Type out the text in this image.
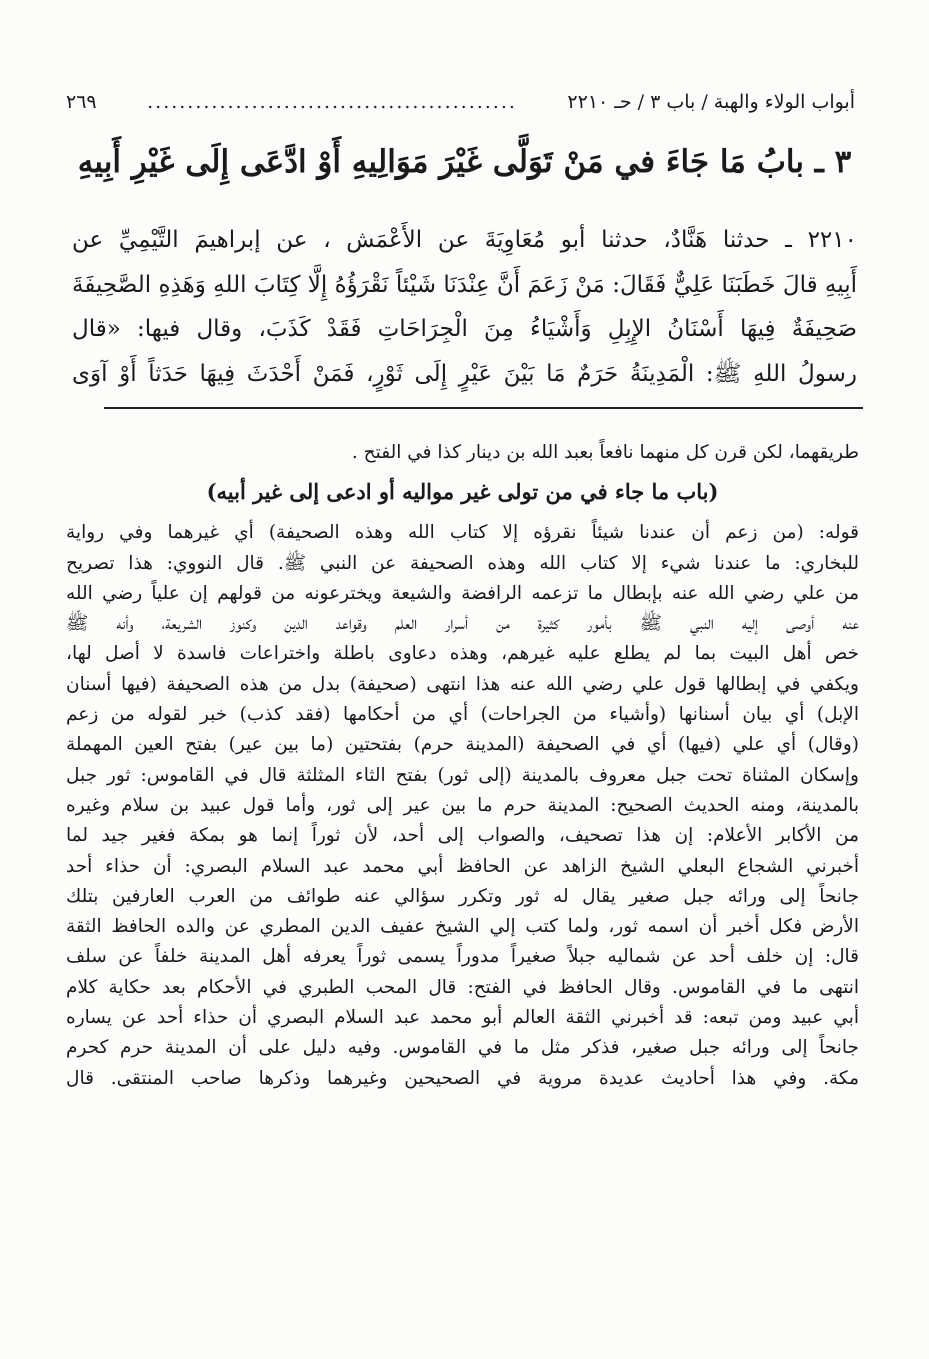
أبواب الولاء والهبة / باب ٣ / حـ ٢٢١٠
..............................................
٢٦٩
٣ ـ بابُ مَا جَاءَ في مَنْ تَوَلَّى غَيْرَ مَوَالِيهِ أَوْ ادَّعَى إِلَى غَيْرِ أَبِيهِ
٢٢١٠ ـ حدثنا هَنَّادٌ، حدثنا أبو مُعَاوِيَةَ عن الأَعْمَش ، عن إبراهيمَ التَّيْمِيِّ عن
أَبِيهِ قالَ خَطَبَنَا عَلِيٌّ فَقَالَ: مَنْ زَعَمَ أَنَّ عِنْدَنَا شَيْئاً نَقْرَؤُهُ إِلَّا كِتَابَ اللهِ وَهَذِهِ الصَّحِيفَةَ
صَحِيفَةٌ فِيهَا أَسْنَانُ الإِبِلِ وَأَشْيَاءُ مِنَ الْجِرَاحَاتِ فَقَدْ كَذَبَ، وقال فيها: «قال
رسولُ اللهِ ﷺ: الْمَدِينَةُ حَرَمٌ مَا بَيْنَ عَيْرٍ إِلَى ثَوْرٍ، فَمَنْ أَحْدَثَ فِيهَا حَدَثاً أَوْ آوَى
طريقهما، لكن قرن كل منهما نافعاً بعبد الله بن دينار كذا في الفتح .
(باب ما جاء في من تولى غير مواليه أو ادعى إلى غير أبيه)
قوله: (من زعم أن عندنا شيئاً نقرؤه إلا كتاب الله وهذه الصحيفة) أي غيرهما وفي رواية
للبخاري: ما عندنا شيء إلا كتاب الله وهذه الصحيفة عن النبي ﷺ. قال النووي: هذا تصريح
من علي رضي الله عنه بإبطال ما تزعمه الرافضة والشيعة ويخترعونه من قولهم إن علياً رضي الله
عنه أوصى إليه النبي ﷺ بأمور كثيرة من أسرار العلم وقواعد الدين وكنوز الشريعة، وأنه ﷺ
خص أهل البيت بما لم يطلع عليه غيرهم، وهذه دعاوى باطلة واختراعات فاسدة لا أصل لها،
ويكفي في إبطالها قول علي رضي الله عنه هذا انتهى (صحيفة) بدل من هذه الصحيفة (فيها أسنان
الإبل) أي بيان أسنانها (وأشياء من الجراحات) أي من أحكامها (فقد كذب) خبر لقوله من زعم
(وقال) أي علي (فيها) أي في الصحيفة (المدينة حرم) بفتحتين (ما بين عير) بفتح العين المهملة
وإسكان المثناة تحت جبل معروف بالمدينة (إلى ثور) بفتح الثاء المثلثة قال في القاموس: ثور جبل
بالمدينة، ومنه الحديث الصحيح: المدينة حرم ما بين عير إلى ثور، وأما قول عبيد بن سلام وغيره
من الأكابر الأعلام: إن هذا تصحيف، والصواب إلى أحد، لأن ثوراً إنما هو بمكة فغير جيد لما
أخبرني الشجاع البعلي الشيخ الزاهد عن الحافظ أبي محمد عبد السلام البصري: أن حذاء أحد
جانحاً إلى ورائه جبل صغير يقال له ثور وتكرر سؤالي عنه طوائف من العرب العارفين بتلك
الأرض فكل أخبر أن اسمه ثور، ولما كتب إلي الشيخ عفيف الدين المطري عن والده الحافظ الثقة
قال: إن خلف أحد عن شماليه جبلاً صغيراً مدوراً يسمى ثوراً يعرفه أهل المدينة خلفاً عن سلف
انتهى ما في القاموس. وقال الحافظ في الفتح: قال المحب الطبري في الأحكام بعد حكاية كلام
أبي عبيد ومن تبعه: قد أخبرني الثقة العالم أبو محمد عبد السلام البصري أن حذاء أحد عن يساره
جانحاً إلى ورائه جبل صغير، فذكر مثل ما في القاموس. وفيه دليل على أن المدينة حرم كحرم
مكة. وفي هذا أحاديث عديدة مروية في الصحيحين وغيرهما وذكرها صاحب المنتقى. قال
